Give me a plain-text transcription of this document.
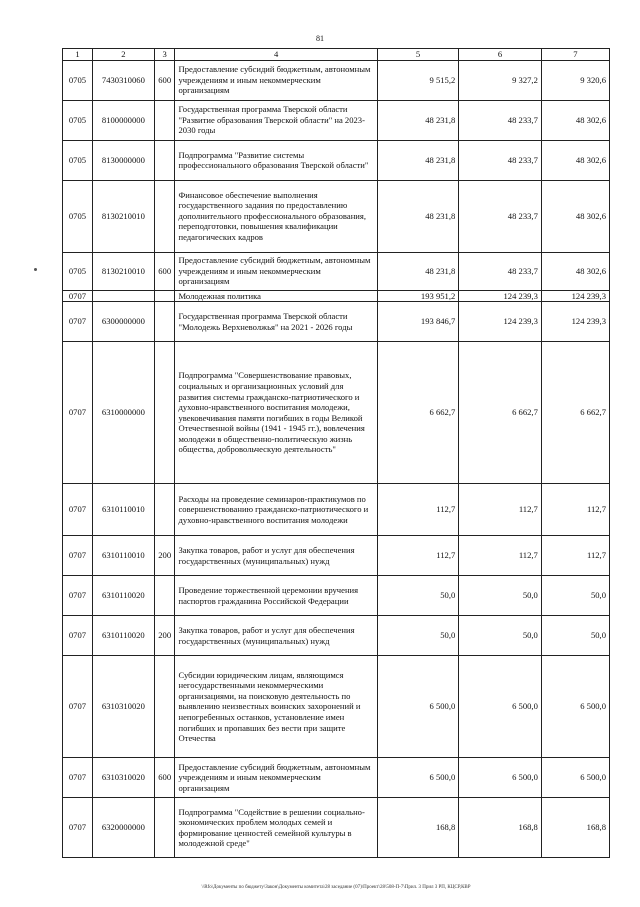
81
1	2	3	4	5	6	7
0705	7430310060	600	Предоставление субсидий бюджетным, автономным учреждениям и иным некоммерческим организациям	9 515,2	9 327,2	9 320,6
0705	8100000000		Государственная программа Тверской области "Развитие образования Тверской области" на 2023-2030 годы	48 231,8	48 233,7	48 302,6
0705	8130000000		Подпрограмма "Развитие системы профессионального образования Тверской области"	48 231,8	48 233,7	48 302,6
0705	8130210010		Финансовое обеспечение выполнения государственного задания по предоставлению дополнительного профессионального образования, переподготовки, повышения квалификации педагогических кадров	48 231,8	48 233,7	48 302,6
0705	8130210010	600	Предоставление субсидий бюджетным, автономным учреждениям и иным некоммерческим организациям	48 231,8	48 233,7	48 302,6
0707			Молодежная политика	193 951,2	124 239,3	124 239,3
0707	6300000000		Государственная программа Тверской области "Молодежь Верхневолжья" на 2021 - 2026 годы	193 846,7	124 239,3	124 239,3
0707	6310000000		Подпрограмма "Совершенствование правовых, социальных и организационных условий для развития системы гражданско-патриотического и духовно-нравственного воспитания молодежи, увековечивания памяти погибших в годы Великой Отечественной войны (1941 - 1945 гг.), вовлечения молодежи в общественно-политическую жизнь общества, добровольческую деятельность"	6 662,7	6 662,7	6 662,7
0707	6310110010		Расходы на проведение семинаров-практикумов по совершенствованию гражданско-патриотического и духовно-нравственного воспитания молодежи	112,7	112,7	112,7
0707	6310110010	200	Закупка товаров, работ и услуг для обеспечения государственных (муниципальных) нужд	112,7	112,7	112,7
0707	6310110020		Проведение торжественной церемонии вручения паспортов гражданина Российской Федерации	50,0	50,0	50,0
0707	6310110020	200	Закупка товаров, работ и услуг для обеспечения государственных (муниципальных) нужд	50,0	50,0	50,0
0707	6310310020		Субсидии юридическим лицам, являющимся негосударственными некоммерческими организациями, на поисковую деятельность по выявлению неизвестных воинских захоронений и непогребенных останков, установление имен погибших и пропавших без вести при защите Отечества	6 500,0	6 500,0	6 500,0
0707	6310310020	600	Предоставление субсидий бюджетным, автономным учреждениям и иным некоммерческим организациям	6 500,0	6 500,0	6 500,0
0707	6320000000		Подпрограмма "Содействие в решении социально-экономических проблем молодых семей и формирование ценностей семейной культуры в молодежной среде"	168,8	168,8	168,8
\\Rfo\Документы по бюджету\Закон\Документы комитета\28 заседание (07)\Проект\28\508-П-7\Прил. 3 Прил 3 РП, КЦСР,КВР
